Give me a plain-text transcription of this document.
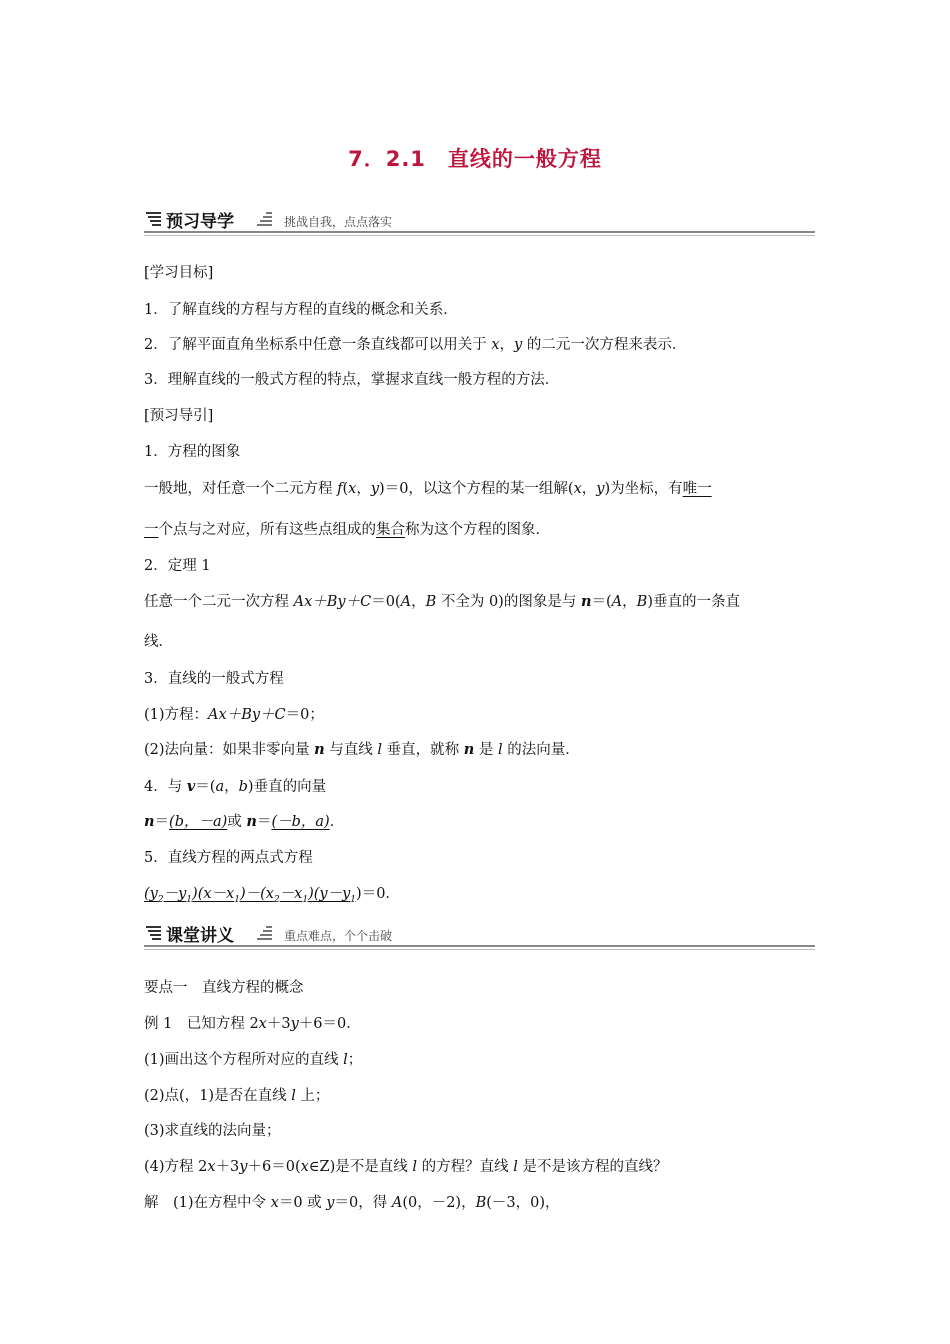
7．2.1　直线的一般方程
预习导学	挑战自我，点点落实
[学习目标]
1．了解直线的方程与方程的直线的概念和关系．
2．了解平面直角坐标系中任意一条直线都可以用关于 x，y 的二元一次方程来表示．
3．理解直线的一般式方程的特点，掌握求直线一般方程的方法．
[预习导引]
1．方程的图象
一般地，对任意一个二元方程 f(x，y)＝0，以这个方程的某一组解(x，y)为坐标，有唯一
一个点与之对应，所有这些点组成的集合称为这个方程的图象．
2．定理 1
任意一个二元一次方程 Ax＋By＋C＝0(A，B 不全为 0)的图象是与 n＝(A，B)垂直的一条直
线．
3．直线的一般式方程
(1)方程：Ax＋By＋C＝0；
(2)法向量：如果非零向量 n 与直线 l 垂直，就称 n 是 l 的法向量．
4．与 v＝(a，b)垂直的向量
n＝(b，－a)或 n＝(－b，a)．
5．直线方程的两点式方程
$(y_2-y_1)(x-x_1)-(x_2-x_1)(y-y_1)=0$．
课堂讲义	重点难点，个个击破
要点一　直线方程的概念
例 1　已知方程 2x＋3y＋6＝0．
(1)画出这个方程所对应的直线 l；
(2)点(，1)是否在直线 l 上；
(3)求直线的法向量；
(4)方程 2x＋3y＋6＝0(x∈Z)是不是直线 l 的方程？直线 l 是不是该方程的直线？
解　(1)在方程中令 x＝0 或 y＝0，得 A(0，－2)，B(－3，0)，
